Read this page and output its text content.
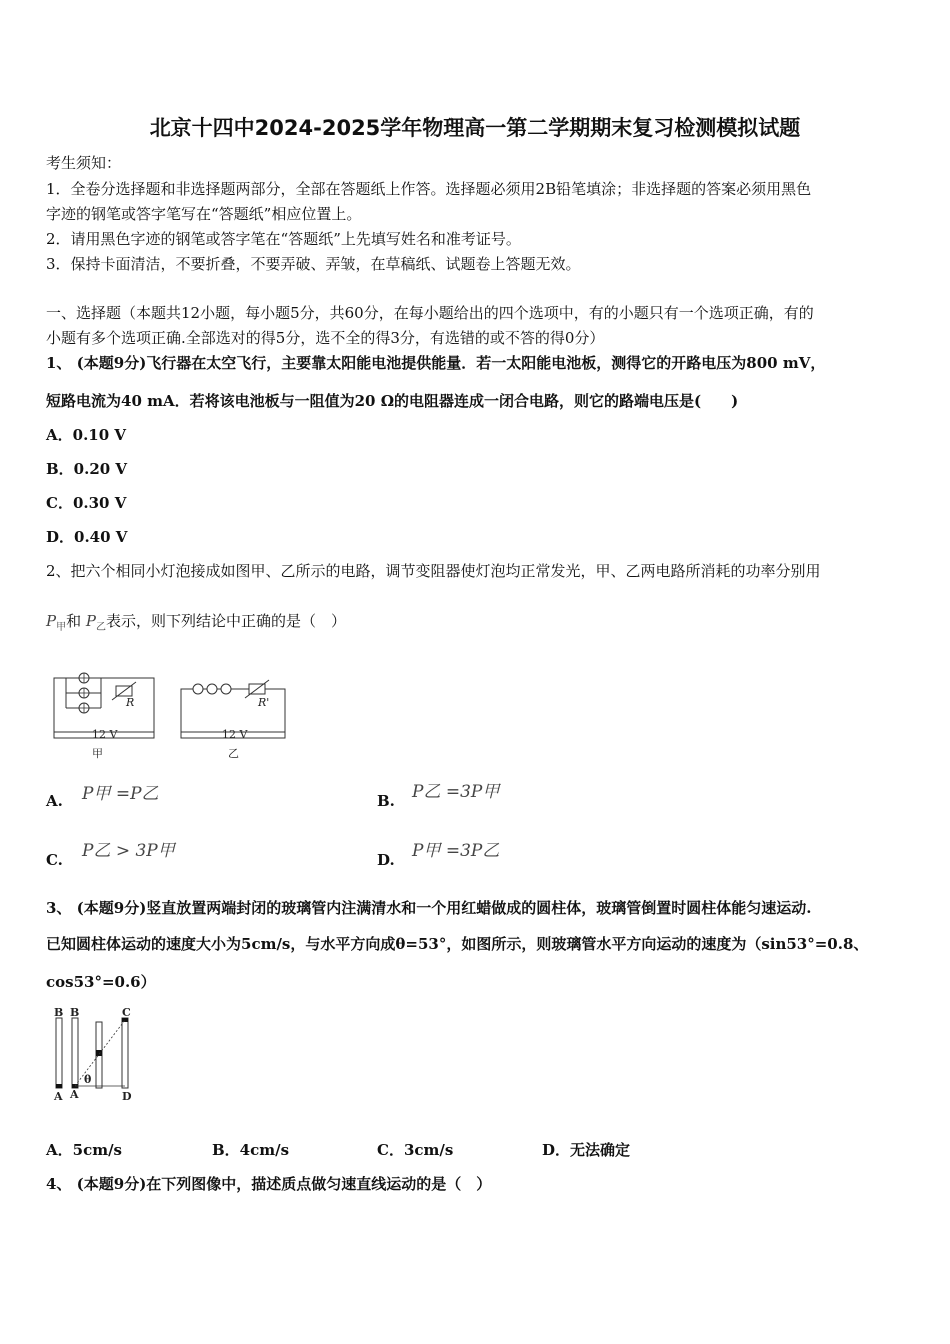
北京十四中2024-2025学年物理高一第二学期期末复习检测模拟试题
考生须知：
1．全卷分选择题和非选择题两部分，全部在答题纸上作答。选择题必须用2B铅笔填涂；非选择题的答案必须用黑色
字迹的钢笔或答字笔写在“答题纸”相应位置上。
2．请用黑色字迹的钢笔或答字笔在“答题纸”上先填写姓名和准考证号。
3．保持卡面清洁，不要折叠，不要弄破、弄皱，在草稿纸、试题卷上答题无效。
一、选择题（本题共12小题，每小题5分，共60分，在每小题给出的四个选项中，有的小题只有一个选项正确，有的
小题有多个选项正确.全部选对的得5分，选不全的得3分，有选错的或不答的得0分）
1、 (本题9分)飞行器在太空飞行，主要靠太阳能电池提供能量．若一太阳能电池板，测得它的开路电压为800 mV，
短路电流为40 mA．若将该电池板与一阻值为20 Ω的电阻器连成一闭合电路，则它的路端电压是(　　)
A．0.10 V
B．0.20 V
C．0.30 V
D．0.40 V
2、把六个相同小灯泡接成如图甲、乙所示的电路，调节变阻器使灯泡均正常发光，甲、乙两电路所消耗的功率分别用
$P_甲$和 $P_乙$表示，则下列结论中正确的是（　）
R	R'
12 V	12 V
甲	乙
A. P甲 =P乙	B. P乙 =3P甲
C. P乙 > 3P甲	D. P甲 =3P乙
3、 (本题9分)竖直放置两端封闭的玻璃管内注满清水和一个用红蜡做成的圆柱体，玻璃管倒置时圆柱体能匀速运动.
已知圆柱体运动的速度大小为5cm/s，与水平方向成θ=53°，如图所示，则玻璃管水平方向运动的速度为（sin53°=0.8、
cos53°=0.6）
B B	C
A A	D
θ
A．5cm/s	B．4cm/s	C．3cm/s	D．无法确定
4、 (本题9分)在下列图像中，描述质点做匀速直线运动的是（　）
